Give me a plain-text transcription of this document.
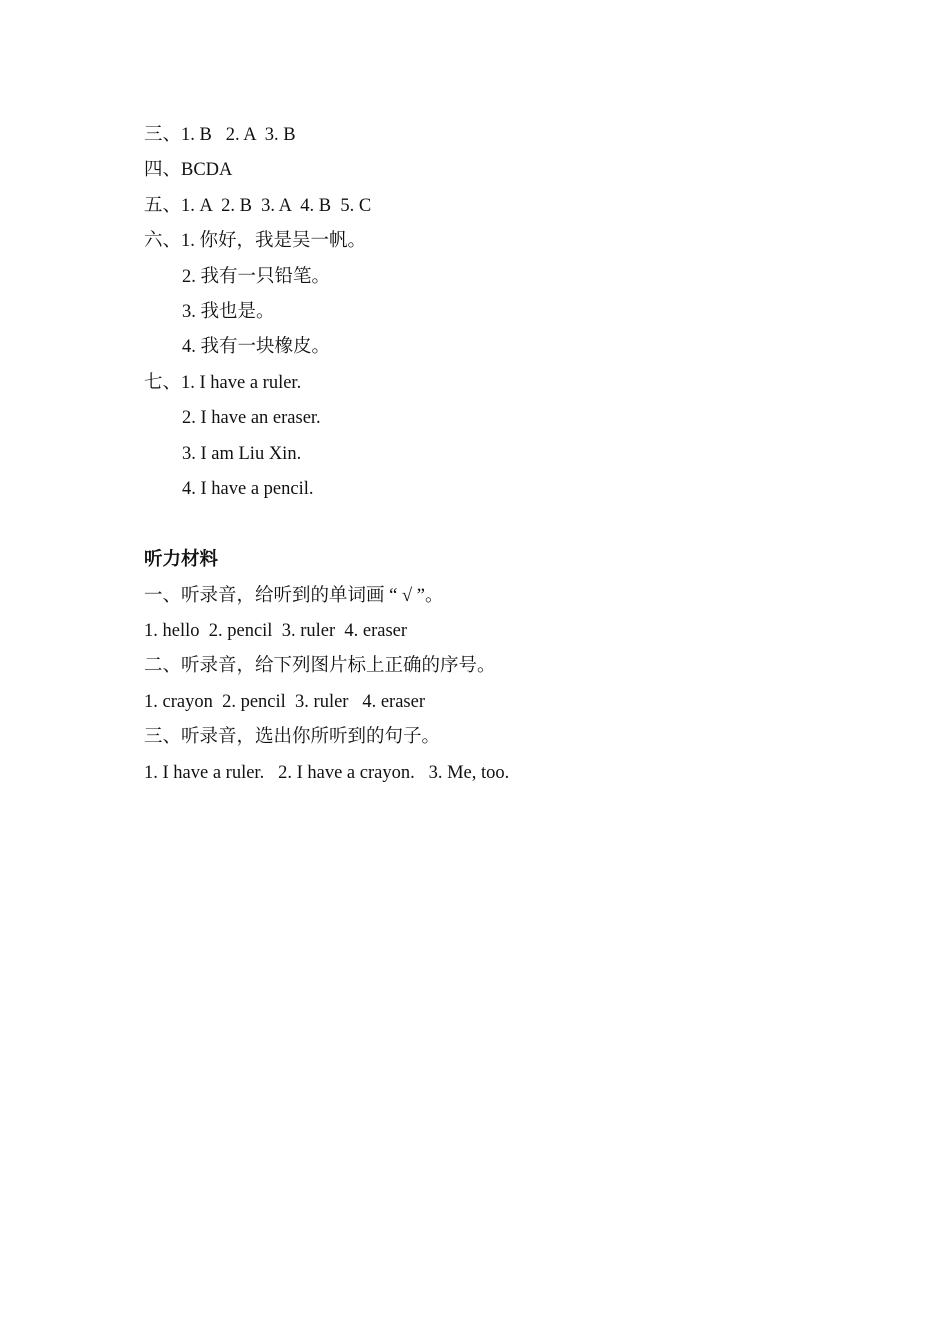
三、1. B   2. A  3. B
四、BCDA
五、1. A  2. B  3. A  4. B  5. C
六、1. 你好，我是吴一帆。
2. 我有一只铅笔。
3. 我也是。
4. 我有一块橡皮。
七、1. I have a ruler.
2. I have an eraser.
3. I am Liu Xin.
4. I have a pencil.
听力材料
一、听录音，给听到的单词画 “ √ ”。
1. hello  2. pencil  3. ruler  4. eraser
二、听录音，给下列图片标上正确的序号。
1. crayon  2. pencil  3. ruler   4. eraser
三、听录音，选出你所听到的句子。
1. I have a ruler.   2. I have a crayon.   3. Me, too.
